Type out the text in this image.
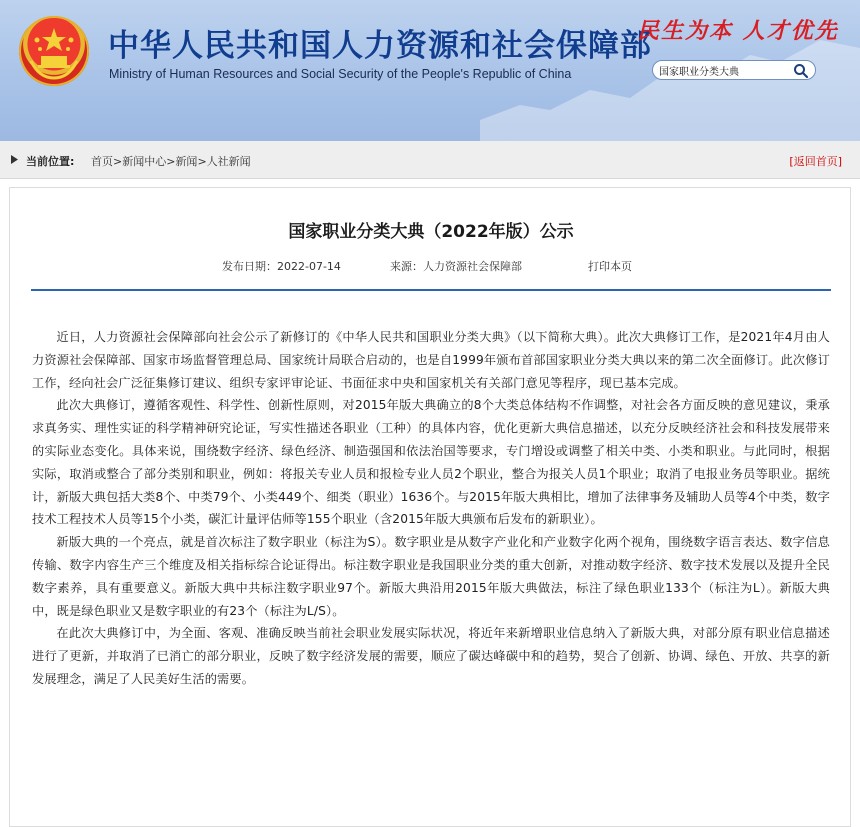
中华人民共和国人力资源和社会保障部
Ministry of Human Resources and Social Security of the People's Republic of China
民生为本 人才优先
国家职业分类大典
当前位置: 首页>新闻中心>新闻>人社新闻	[返回首页]
国家职业分类大典（2022年版）公示
发布日期：2022-07-14	来源：人力资源社会保障部	打印本页

近日，人力资源社会保障部向社会公示了新修订的《中华人民共和国职业分类大典》（以下简称大典）。此次大典修订工作，是2021年4月由人力资源社会保障部、国家市场监督管理总局、国家统计局联合启动的，也是自1999年颁布首部国家职业分类大典以来的第二次全面修订。此次修订工作，经向社会广泛征集修订建议、组织专家评审论证、书面征求中央和国家机关有关部门意见等程序，现已基本完成。

此次大典修订，遵循客观性、科学性、创新性原则，对2015年版大典确立的8个大类总体结构不作调整，对社会各方面反映的意见建议，秉承求真务实、理性实证的科学精神研究论证，写实性描述各职业（工种）的具体内容，优化更新大典信息描述，以充分反映经济社会和科技发展带来的实际业态变化。具体来说，围绕数字经济、绿色经济、制造强国和依法治国等要求，专门增设或调整了相关中类、小类和职业。与此同时，根据实际，取消或整合了部分类别和职业，例如：将报关专业人员和报检专业人员2个职业，整合为报关人员1个职业；取消了电报业务员等职业。据统计，新版大典包括大类8个、中类79个、小类449个、细类（职业）1636个。与2015年版大典相比，增加了法律事务及辅助人员等4个中类，数字技术工程技术人员等15个小类，碳汇计量评估师等155个职业（含2015年版大典颁布后发布的新职业）。

新版大典的一个亮点，就是首次标注了数字职业（标注为S）。数字职业是从数字产业化和产业数字化两个视角，围绕数字语言表达、数字信息传输、数字内容生产三个维度及相关指标综合论证得出。标注数字职业是我国职业分类的重大创新，对推动数字经济、数字技术发展以及提升全民数字素养，具有重要意义。新版大典中共标注数字职业97个。新版大典沿用2015年版大典做法，标注了绿色职业133个（标注为L）。新版大典中，既是绿色职业又是数字职业的有23个（标注为L/S）。

在此次大典修订中，为全面、客观、准确反映当前社会职业发展实际状况，将近年来新增职业信息纳入了新版大典，对部分原有职业信息描述进行了更新，并取消了已消亡的部分职业，反映了数字经济发展的需要，顺应了碳达峰碳中和的趋势，契合了创新、协调、绿色、开放、共享的新发展理念，满足了人民美好生活的需要。
